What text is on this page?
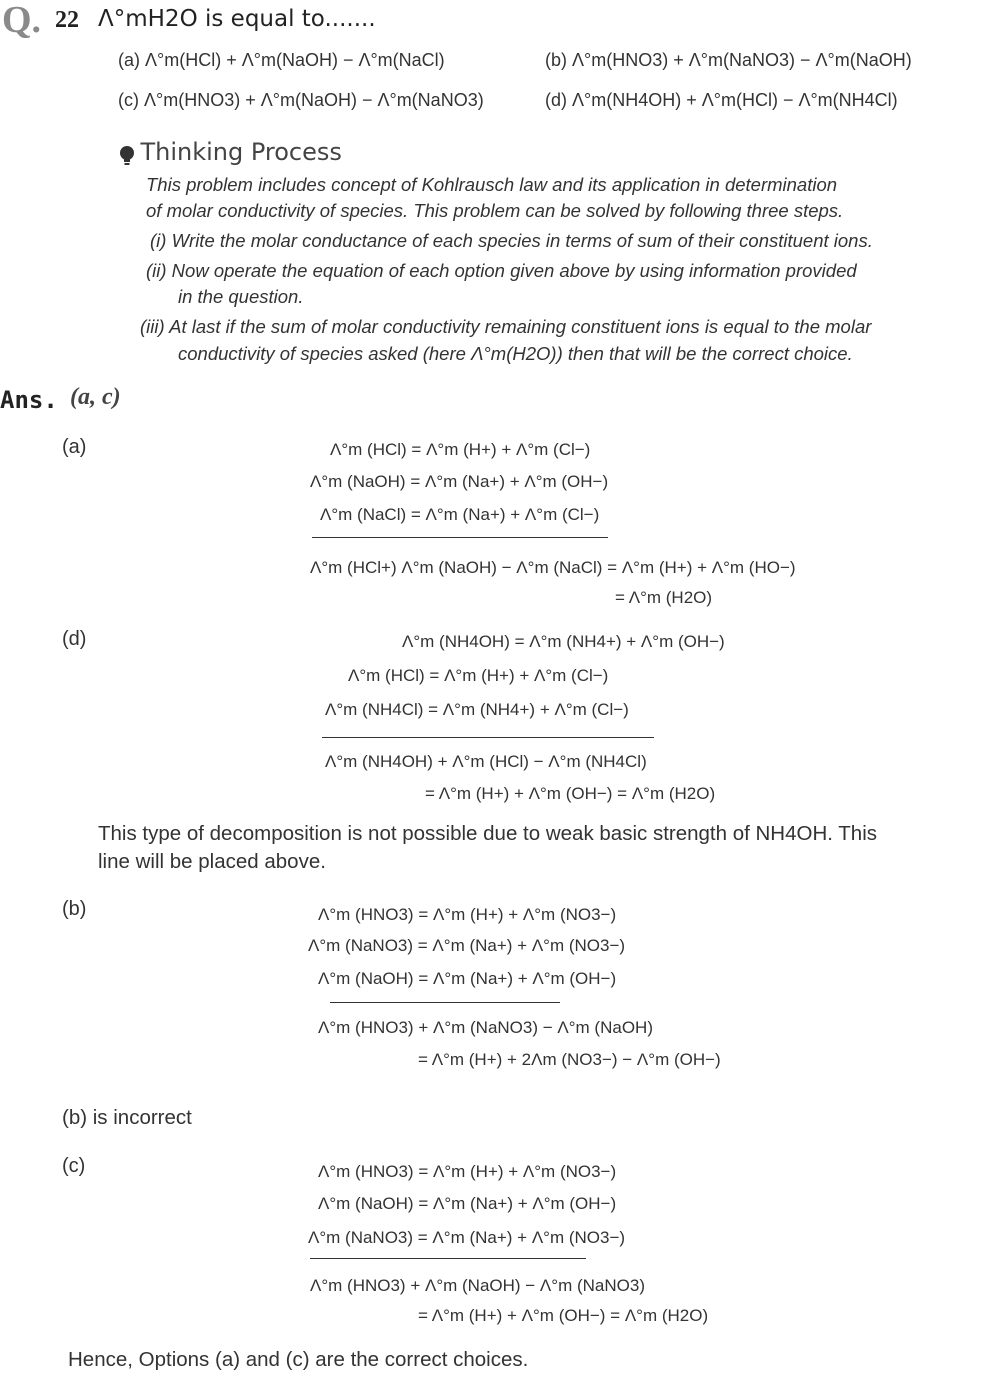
Q. 22 Λ°mH2O is equal to.......
(a) Λ°m(HCl) + Λ°m(NaOH) − Λ°m(NaCl)	(b) Λ°m(HNO3) + Λ°m(NaNO3) − Λ°m(NaOH)
(c) Λ°m(HNO3) + Λ°m(NaOH) − Λ°m(NaNO3)	(d) Λ°m(NH4OH) + Λ°m(HCl) − Λ°m(NH4Cl)
Thinking Process
This problem includes concept of Kohlrausch law and its application in determination
of molar conductivity of species. This problem can be solved by following three steps.
(i) Write the molar conductance of each species in terms of sum of their constituent ions.
(ii) Now operate the equation of each option given above by using information provided
in the question.
(iii) At last if the sum of molar conductivity remaining constituent ions is equal to the molar
conductivity of species asked (here Λ°m(H2O)) then that will be the correct choice.
Ans. (a, c)
(a)	Λ°m (HCl) = Λ°m (H+) + Λ°m (Cl−)
Λ°m (NaOH) = Λ°m (Na+) + Λ°m (OH−)
Λ°m (NaCl) = Λ°m (Na+) + Λ°m (Cl−)
Λ°m (HCl+) Λ°m (NaOH) − Λ°m (NaCl) = Λ°m (H+) + Λ°m (HO−)
= Λ°m (H2O)
(d)	Λ°m (NH4OH) = Λ°m (NH4+) + Λ°m (OH−)
Λ°m (HCl) = Λ°m (H+) + Λ°m (Cl−)
Λ°m (NH4Cl) = Λ°m (NH4+) + Λ°m (Cl−)
Λ°m (NH4OH) + Λ°m (HCl) − Λ°m (NH4Cl)
= Λ°m (H+) + Λ°m (OH−) = Λ°m (H2O)
This type of decomposition is not possible due to weak basic strength of NH4OH. This
line will be placed above.
(b)	Λ°m (HNO3) = Λ°m (H+) + Λ°m (NO3−)
Λ°m (NaNO3) = Λ°m (Na+) + Λ°m (NO3−)
Λ°m (NaOH) = Λ°m (Na+) + Λ°m (OH−)
Λ°m (HNO3) + Λ°m (NaNO3) − Λ°m (NaOH)
= Λ°m (H+) + 2Λm (NO3−) − Λ°m (OH−)
(b) is incorrect
(c)	Λ°m (HNO3) = Λ°m (H+) + Λ°m (NO3−)
Λ°m (NaOH) = Λ°m (Na+) + Λ°m (OH−)
Λ°m (NaNO3) = Λ°m (Na+) + Λ°m (NO3−)
Λ°m (HNO3) + Λ°m (NaOH) − Λ°m (NaNO3)
= Λ°m (H+) + Λ°m (OH−) = Λ°m (H2O)
Hence, Options (a) and (c) are the correct choices.
